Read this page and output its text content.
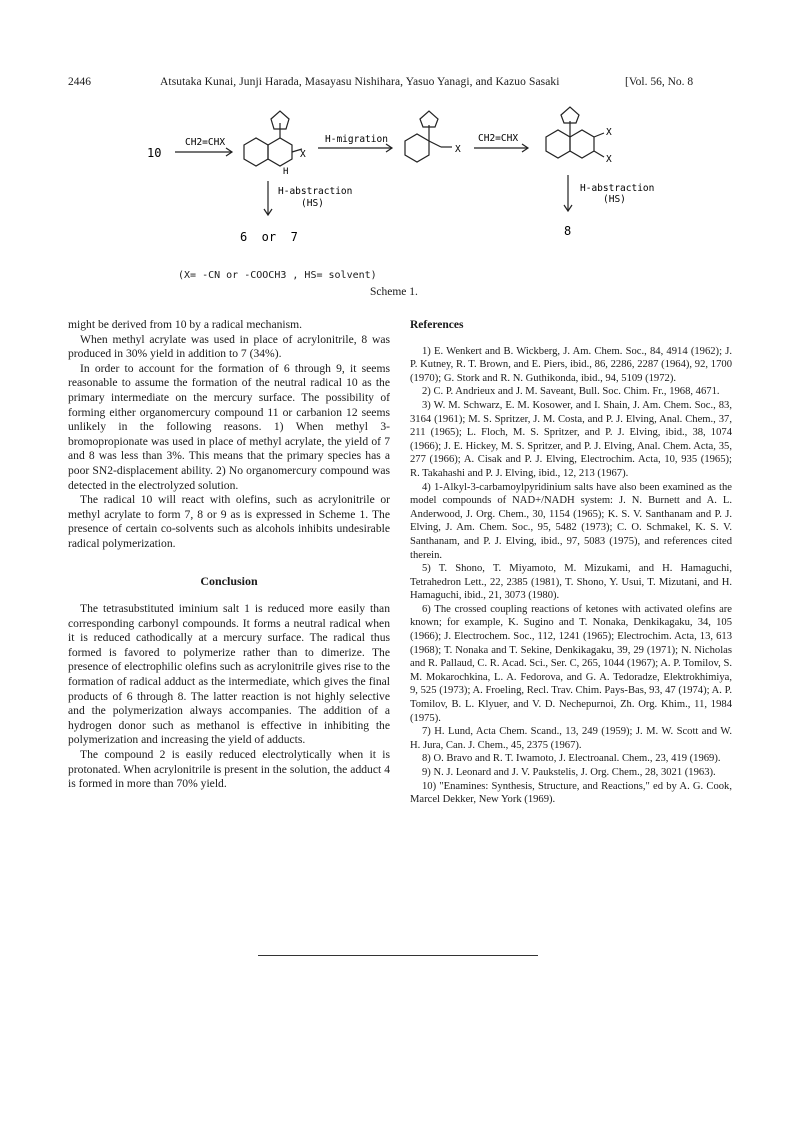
2446	Atsutaka Kunai, Junji Harada, Masayasu Nishihara, Yasuo Yanagi, and Kazuo Sasaki	[Vol. 56, No. 8
10
CH2=CHX	H-migration	CH2=CHX
X
H
X
X
X
H-abstraction
(HS)
H-abstraction
(HS)
6  or  7	8
(X= -CN or -COOCH3 , HS= solvent)
Scheme 1.

might be derived from 10 by a radical mechanism.

When methyl acrylate was used in place of acrylonitrile, 8 was produced in 30% yield in addition to 7 (34%).

In order to account for the formation of 6 through 9, it seems reasonable to assume the formation of the neutral radical 10 as the primary intermediate on the mercury surface. The possibility of forming either organomercury compound 11 or carbanion 12 seems unlikely in the following reasons. 1) When methyl 3-bromopropionate was used in place of methyl acrylate, the yield of 7 and 8 was less than 3%. This means that the primary species has a poor SN2-displacement ability. 2) No organomercury compound was detected in the electrolyzed solution.

The radical 10 will react with olefins, such as acrylonitrile or methyl acrylate to form 7, 8 or 9 as is expressed in Scheme 1. The presence of certain co-solvents such as alcohols inhibits undesirable radical polymerization.

Conclusion

The tetrasubstituted iminium salt 1 is reduced more easily than corresponding carbonyl compounds. It forms a neutral radical when it is reduced cathodically at a mercury surface. The radical thus formed is favored to polymerize rather than to dimerize. The presence of electrophilic olefins such as acrylonitrile gives rise to the formation of radical adduct as the intermediate, which gives the final products of 6 through 8. The latter reaction is not highly selective and the polymerization always accompanies. The addition of a hydrogen donor such as methanol is effective in inhibiting the polymerization and increasing the yield of adducts.

The compound 2 is easily reduced electrolytically when it is protonated. When acrylonitrile is present in the solution, the adduct 4 is formed in more than 70% yield.

References

1) E. Wenkert and B. Wickberg, J. Am. Chem. Soc., 84, 4914 (1962); J. P. Kutney, R. T. Brown, and E. Piers, ibid., 86, 2286, 2287 (1964), 92, 1700 (1970); G. Stork and R. N. Guthikonda, ibid., 94, 5109 (1972).

2) C. P. Andrieux and J. M. Saveant, Bull. Soc. Chim. Fr., 1968, 4671.

3) W. M. Schwarz, E. M. Kosower, and I. Shain, J. Am. Chem. Soc., 83, 3164 (1961); M. S. Spritzer, J. M. Costa, and P. J. Elving, Anal. Chem., 37, 211 (1965); L. Floch, M. S. Spritzer, and P. J. Elving, ibid., 38, 1074 (1966); J. E. Hickey, M. S. Spritzer, and P. J. Elving, Anal. Chem. Acta, 35, 277 (1966); A. Cisak and P. J. Elving, Electrochim. Acta, 10, 935 (1965); R. Takahashi and P. J. Elving, ibid., 12, 213 (1967).

4) 1-Alkyl-3-carbamoylpyridinium salts have also been examined as the model compounds of NAD+/NADH system: J. N. Burnett and A. L. Anderwood, J. Org. Chem., 30, 1154 (1965); K. S. V. Santhanam and P. J. Elving, J. Am. Chem. Soc., 95, 5482 (1973); C. O. Schmakel, K. S. V. Santhanam, and P. J. Elving, ibid., 97, 5083 (1975), and references cited therein.

5) T. Shono, T. Miyamoto, M. Mizukami, and H. Hamaguchi, Tetrahedron Lett., 22, 2385 (1981), T. Shono, Y. Usui, T. Mizutani, and H. Hamaguchi, ibid., 21, 3073 (1980).

6) The crossed coupling reactions of ketones with activated olefins are known; for example, K. Sugino and T. Nonaka, Denkikagaku, 34, 105 (1966); J. Electrochem. Soc., 112, 1241 (1965); Electrochim. Acta, 13, 613 (1968); T. Nonaka and T. Sekine, Denkikagaku, 39, 29 (1971); N. Nicholas and R. Pallaud, C. R. Acad. Sci., Ser. C, 265, 1044 (1967); A. P. Tomilov, S. M. Mokarochkina, L. A. Fedorova, and G. A. Tedoradze, Elektrokhimiya, 9, 525 (1973); A. Froeling, Recl. Trav. Chim. Pays-Bas, 93, 47 (1974); A. P. Tomilov, B. L. Klyuer, and V. D. Nechepurnoi, Zh. Org. Khim., 11, 1984 (1975).

7) H. Lund, Acta Chem. Scand., 13, 249 (1959); J. M. W. Scott and W. H. Jura, Can. J. Chem., 45, 2375 (1967).

8) O. Bravo and R. T. Iwamoto, J. Electroanal. Chem., 23, 419 (1969).

9) N. J. Leonard and J. V. Paukstelis, J. Org. Chem., 28, 3021 (1963).

10) "Enamines: Synthesis, Structure, and Reactions," ed by A. G. Cook, Marcel Dekker, New York (1969).
